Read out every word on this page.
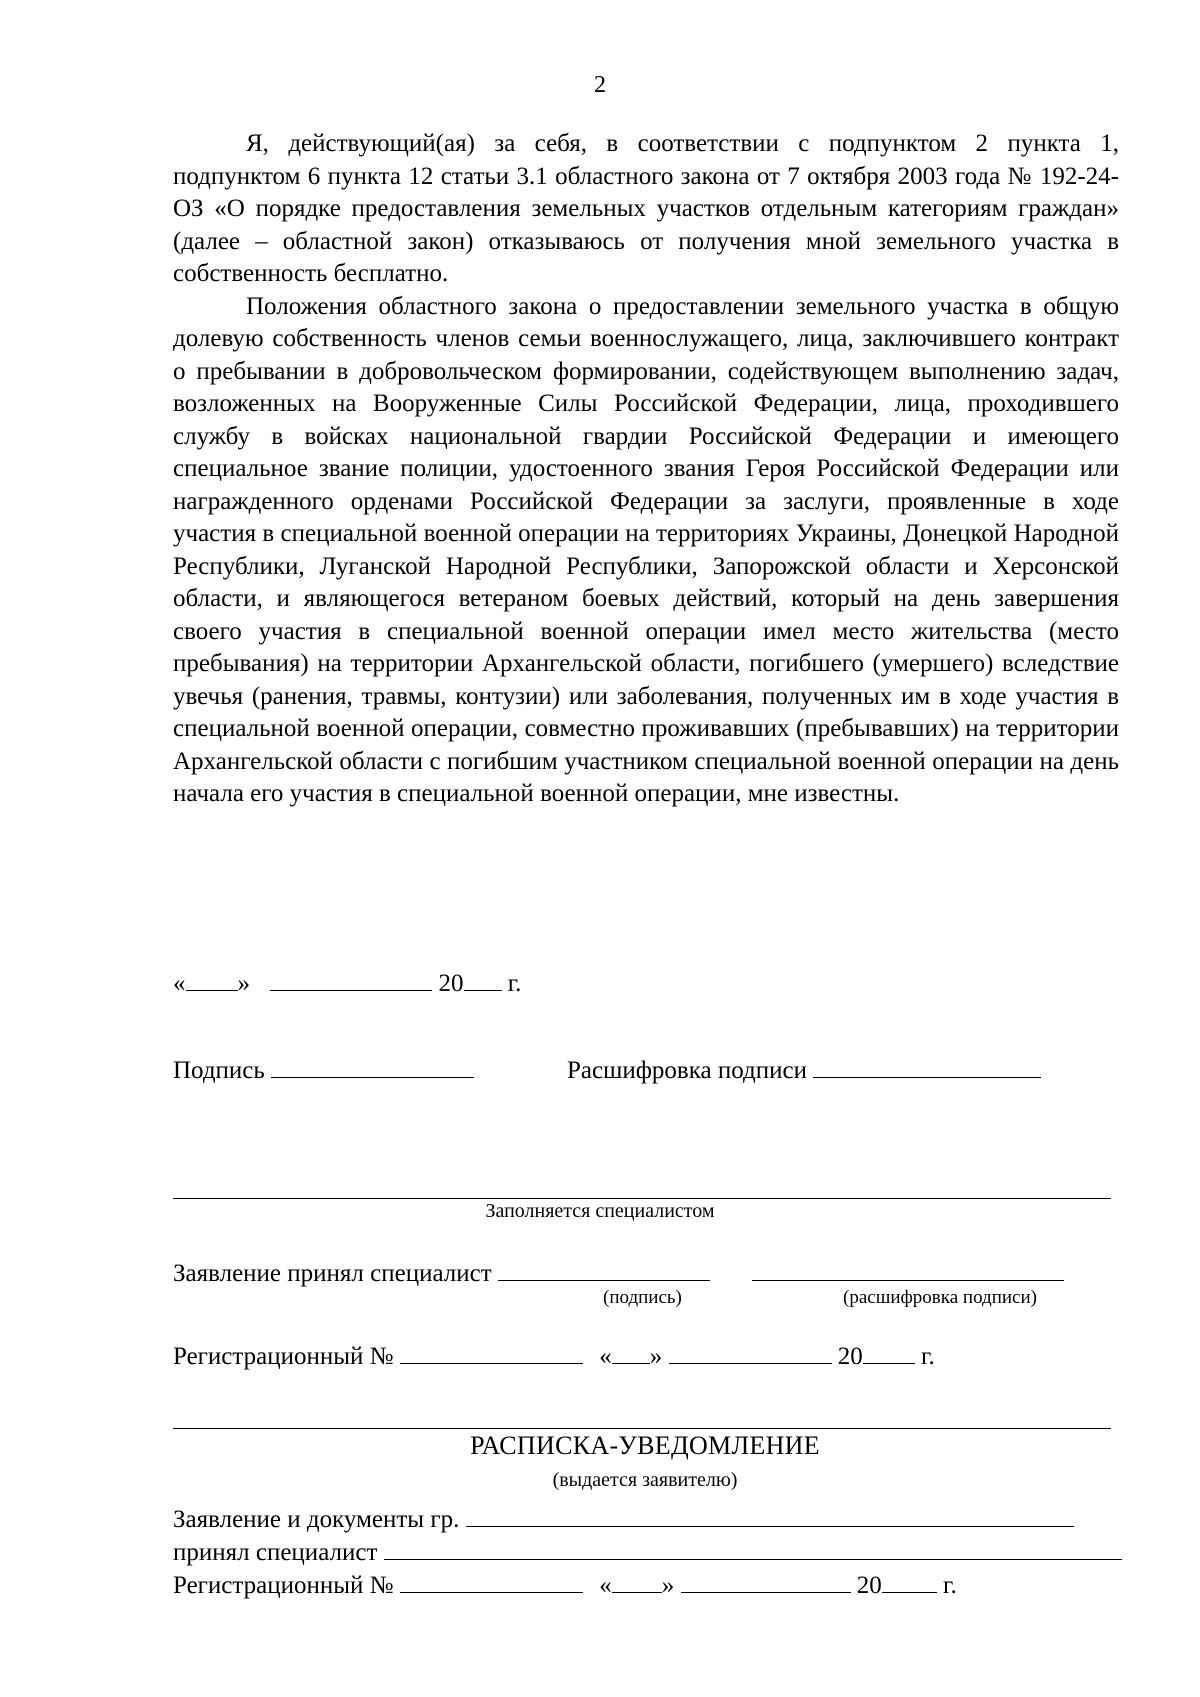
2

Я, действующий(ая) за себя, в соответствии с подпунктом 2 пункта 1, подпунктом 6 пункта 12 статьи 3.1 областного закона от 7 октября 2003 года № 192-24-ОЗ «О порядке предоставления земельных участков отдельным категориям граждан» (далее – областной закон) отказываюсь от получения мной земельного участка в собственность бесплатно.

Положения областного закона о предоставлении земельного участка в общую долевую собственность членов семьи военнослужащего, лица, заключившего контракт о пребывании в добровольческом формировании, содействующем выполнению задач, возложенных на Вооруженные Силы Российской Федерации, лица, проходившего службу в войсках национальной гвардии Российской Федерации и имеющего специальное звание полиции, удостоенного звания Героя Российской Федерации или награжденного орденами Российской Федерации за заслуги, проявленные в ходе участия в специальной военной операции на территориях Украины, Донецкой Народной Республики, Луганской Народной Республики, Запорожской области и Херсонской области, и являющегося ветераном боевых действий, который на день завершения своего участия в специальной военной операции имел место жительства (место пребывания) на территории Архангельской области, погибшего (умершего) вследствие увечья (ранения, травмы, контузии) или заболевания, полученных им в ходе участия в специальной военной операции, совместно проживавших (пребывавших) на территории Архангельской области с погибшим участником специальной военной операции на день начала его участия в специальной военной операции, мне известны.

« »	20 г.
Подпись	Расшифровка подписи
Заполняется специалистом
Заявление принял специалист
(подпись)	(расшифровка подписи)
Регистрационный №	« »	20 г.
РАСПИСКА-УВЕДОМЛЕНИЕ
(выдается заявителю)
Заявление и документы гр.
принял специалист
Регистрационный №	« »	20 г.
